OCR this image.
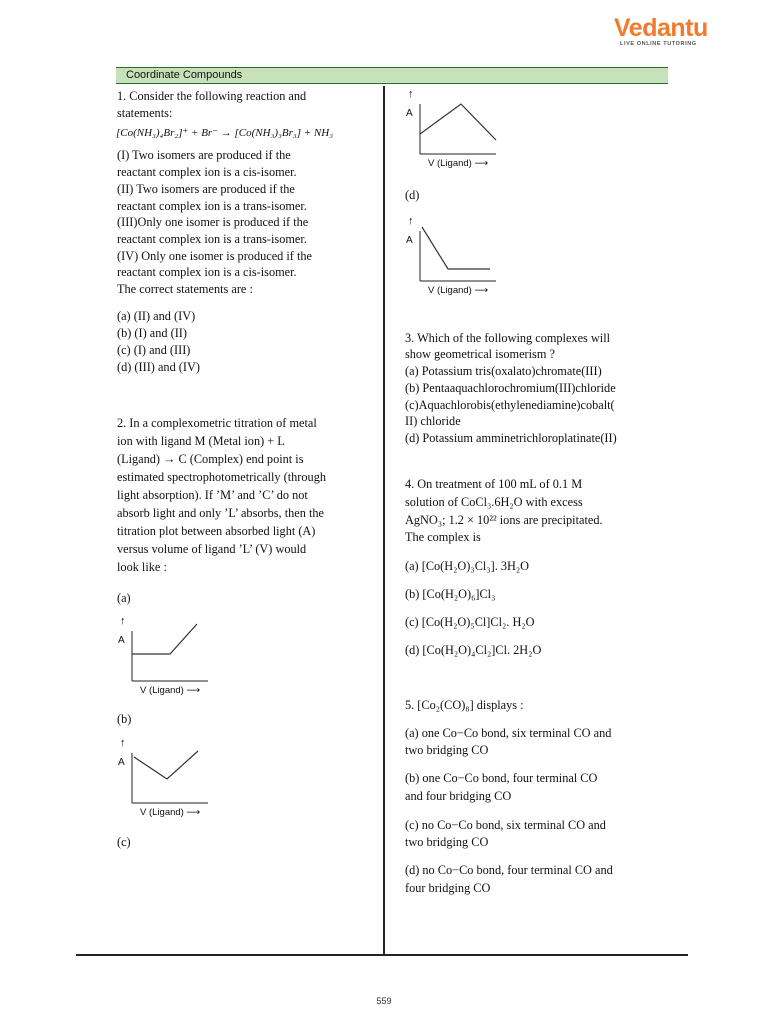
Vedantu
LIVE ONLINE TUTORING
Coordinate Compounds
559
1. Consider the following reaction and
statements:
[Co(NH₃)₄Br₂]⁺ + Br⁻ → [Co(NH₃)₃Br₃] + NH₃
(I) Two isomers are produced if the
reactant complex ion is a cis-isomer.
(II) Two isomers are produced if the
reactant complex ion is a trans-isomer.
(III)Only one isomer is produced if the
reactant complex ion is a trans-isomer.
(IV) Only one isomer is produced if the
reactant complex ion is a cis-isomer.
The correct statements are :
(a) (II) and (IV)
(b) (I) and (II)
(c) (I) and (III)
(d) (III) and (IV)
2. In a complexometric titration of metal
ion with ligand M (Metal ion) + L
(Ligand) → C (Complex) end point is
estimated spectrophotometrically (through
light absorption). If ’M’ and ’C’ do not
absorb light and only ’L’ absorbs, then the
titration plot between absorbed light (A)
versus volume of ligand ’L’ (V) would
look like :
(a)
↑
A
V (Ligand) ⟶
(b)
↑
A
V (Ligand) ⟶
(c)
↑
A
V (Ligand) ⟶
(d)
↑
A
V (Ligand) ⟶
3. Which of the following complexes will
show geometrical isomerism ?
(a) Potassium tris(oxalato)chromate(III)
(b) Pentaaquachlorochromium(III)chloride
(c)Aquachlorobis(ethylenediamine)cobalt(
II) chloride
(d) Potassium amminetrichloroplatinate(II)
4. On treatment of 100 mL of 0.1 M
solution of CoCl₃.6H₂O with excess
AgNO₃; 1.2 × 10²² ions are precipitated.
The complex is
(a) [Co(H₂O)₃Cl₃]. 3H₂O
(b) [Co(H₂O)₆]Cl₃
(c) [Co(H₂O)₅Cl]Cl₂. H₂O
(d) [Co(H₂O)₄Cl₂]Cl. 2H₂O
5. [Co₂(CO)₈] displays :
(a) one Co−Co bond, six terminal CO and
two bridging CO
(b) one Co−Co bond, four terminal CO
and four bridging CO
(c) no Co−Co bond, six terminal CO and
two bridging CO
(d) no Co−Co bond, four terminal CO and
four bridging CO
